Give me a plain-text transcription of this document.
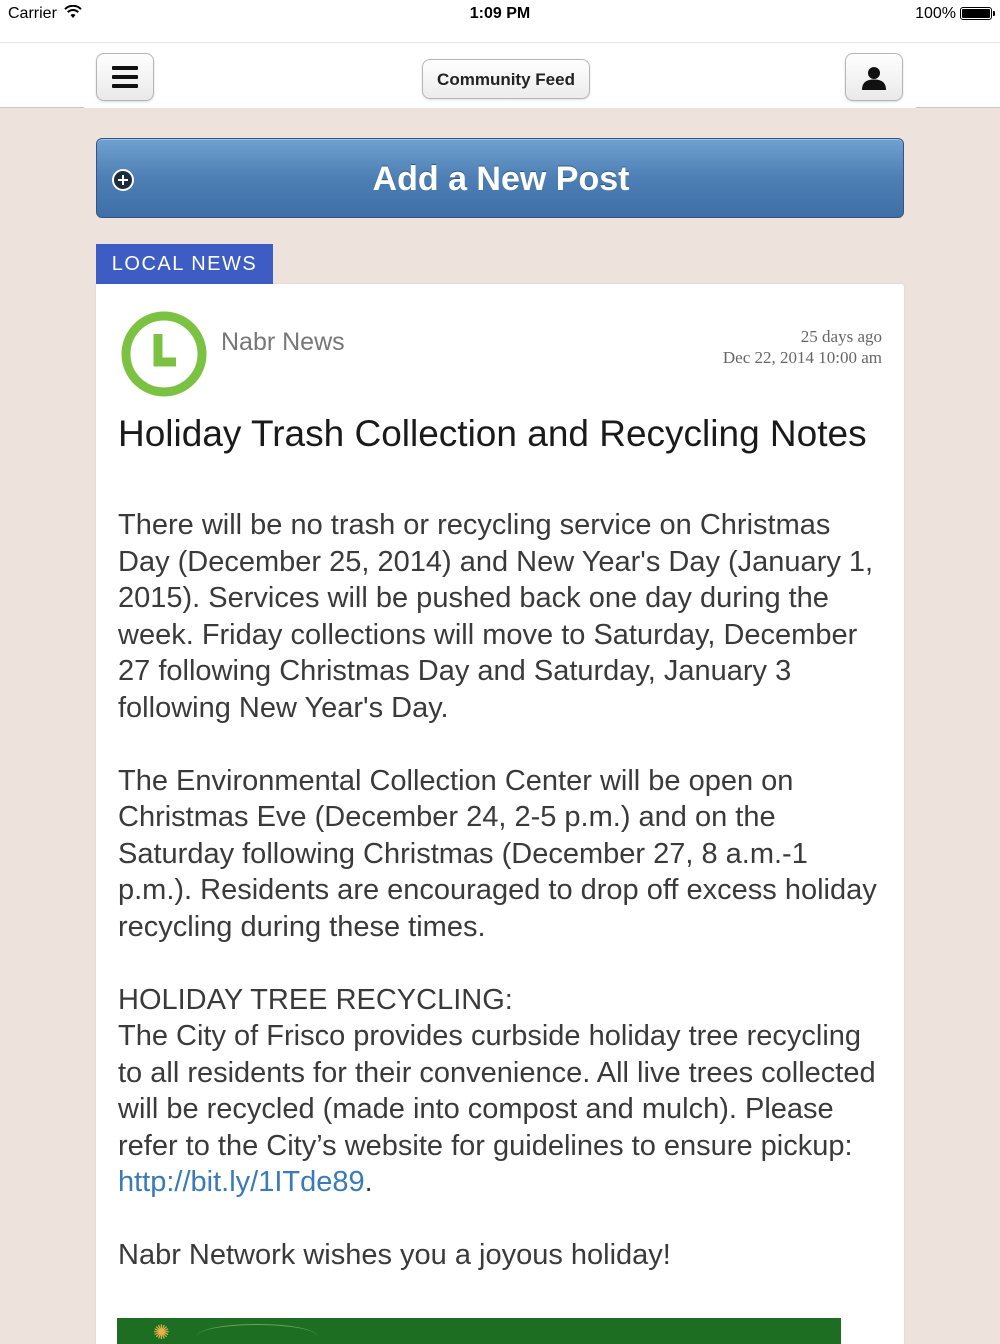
Carrier	1:09 PM	100%
Community Feed
Add a New Post
LOCAL NEWS
Nabr News	25 days ago
Dec 22, 2014 10:00 am
Holiday Trash Collection and Recycling Notes

There will be no trash or recycling service on Christmas Day (December 25, 2014) and New Year's Day (January 1, 2015). Services will be pushed back one day during the week. Friday collections will move to Saturday, December 27 following Christmas Day and Saturday, January 3 following New Year's Day.

The Environmental Collection Center will be open on Christmas Eve (December 24, 2-5 p.m.) and on the Saturday following Christmas (December 27, 8 a.m.-1 p.m.). Residents are encouraged to drop off excess holiday recycling during these times.

HOLIDAY TREE RECYCLING:

The City of Frisco provides curbside holiday tree recycling to all residents for their convenience. All live trees collected will be recycled (made into compost and mulch). Please refer to the City’s website for guidelines to ensure pickup: http://bit.ly/1ITde89.

Nabr Network wishes you a joyous holiday!
✺
